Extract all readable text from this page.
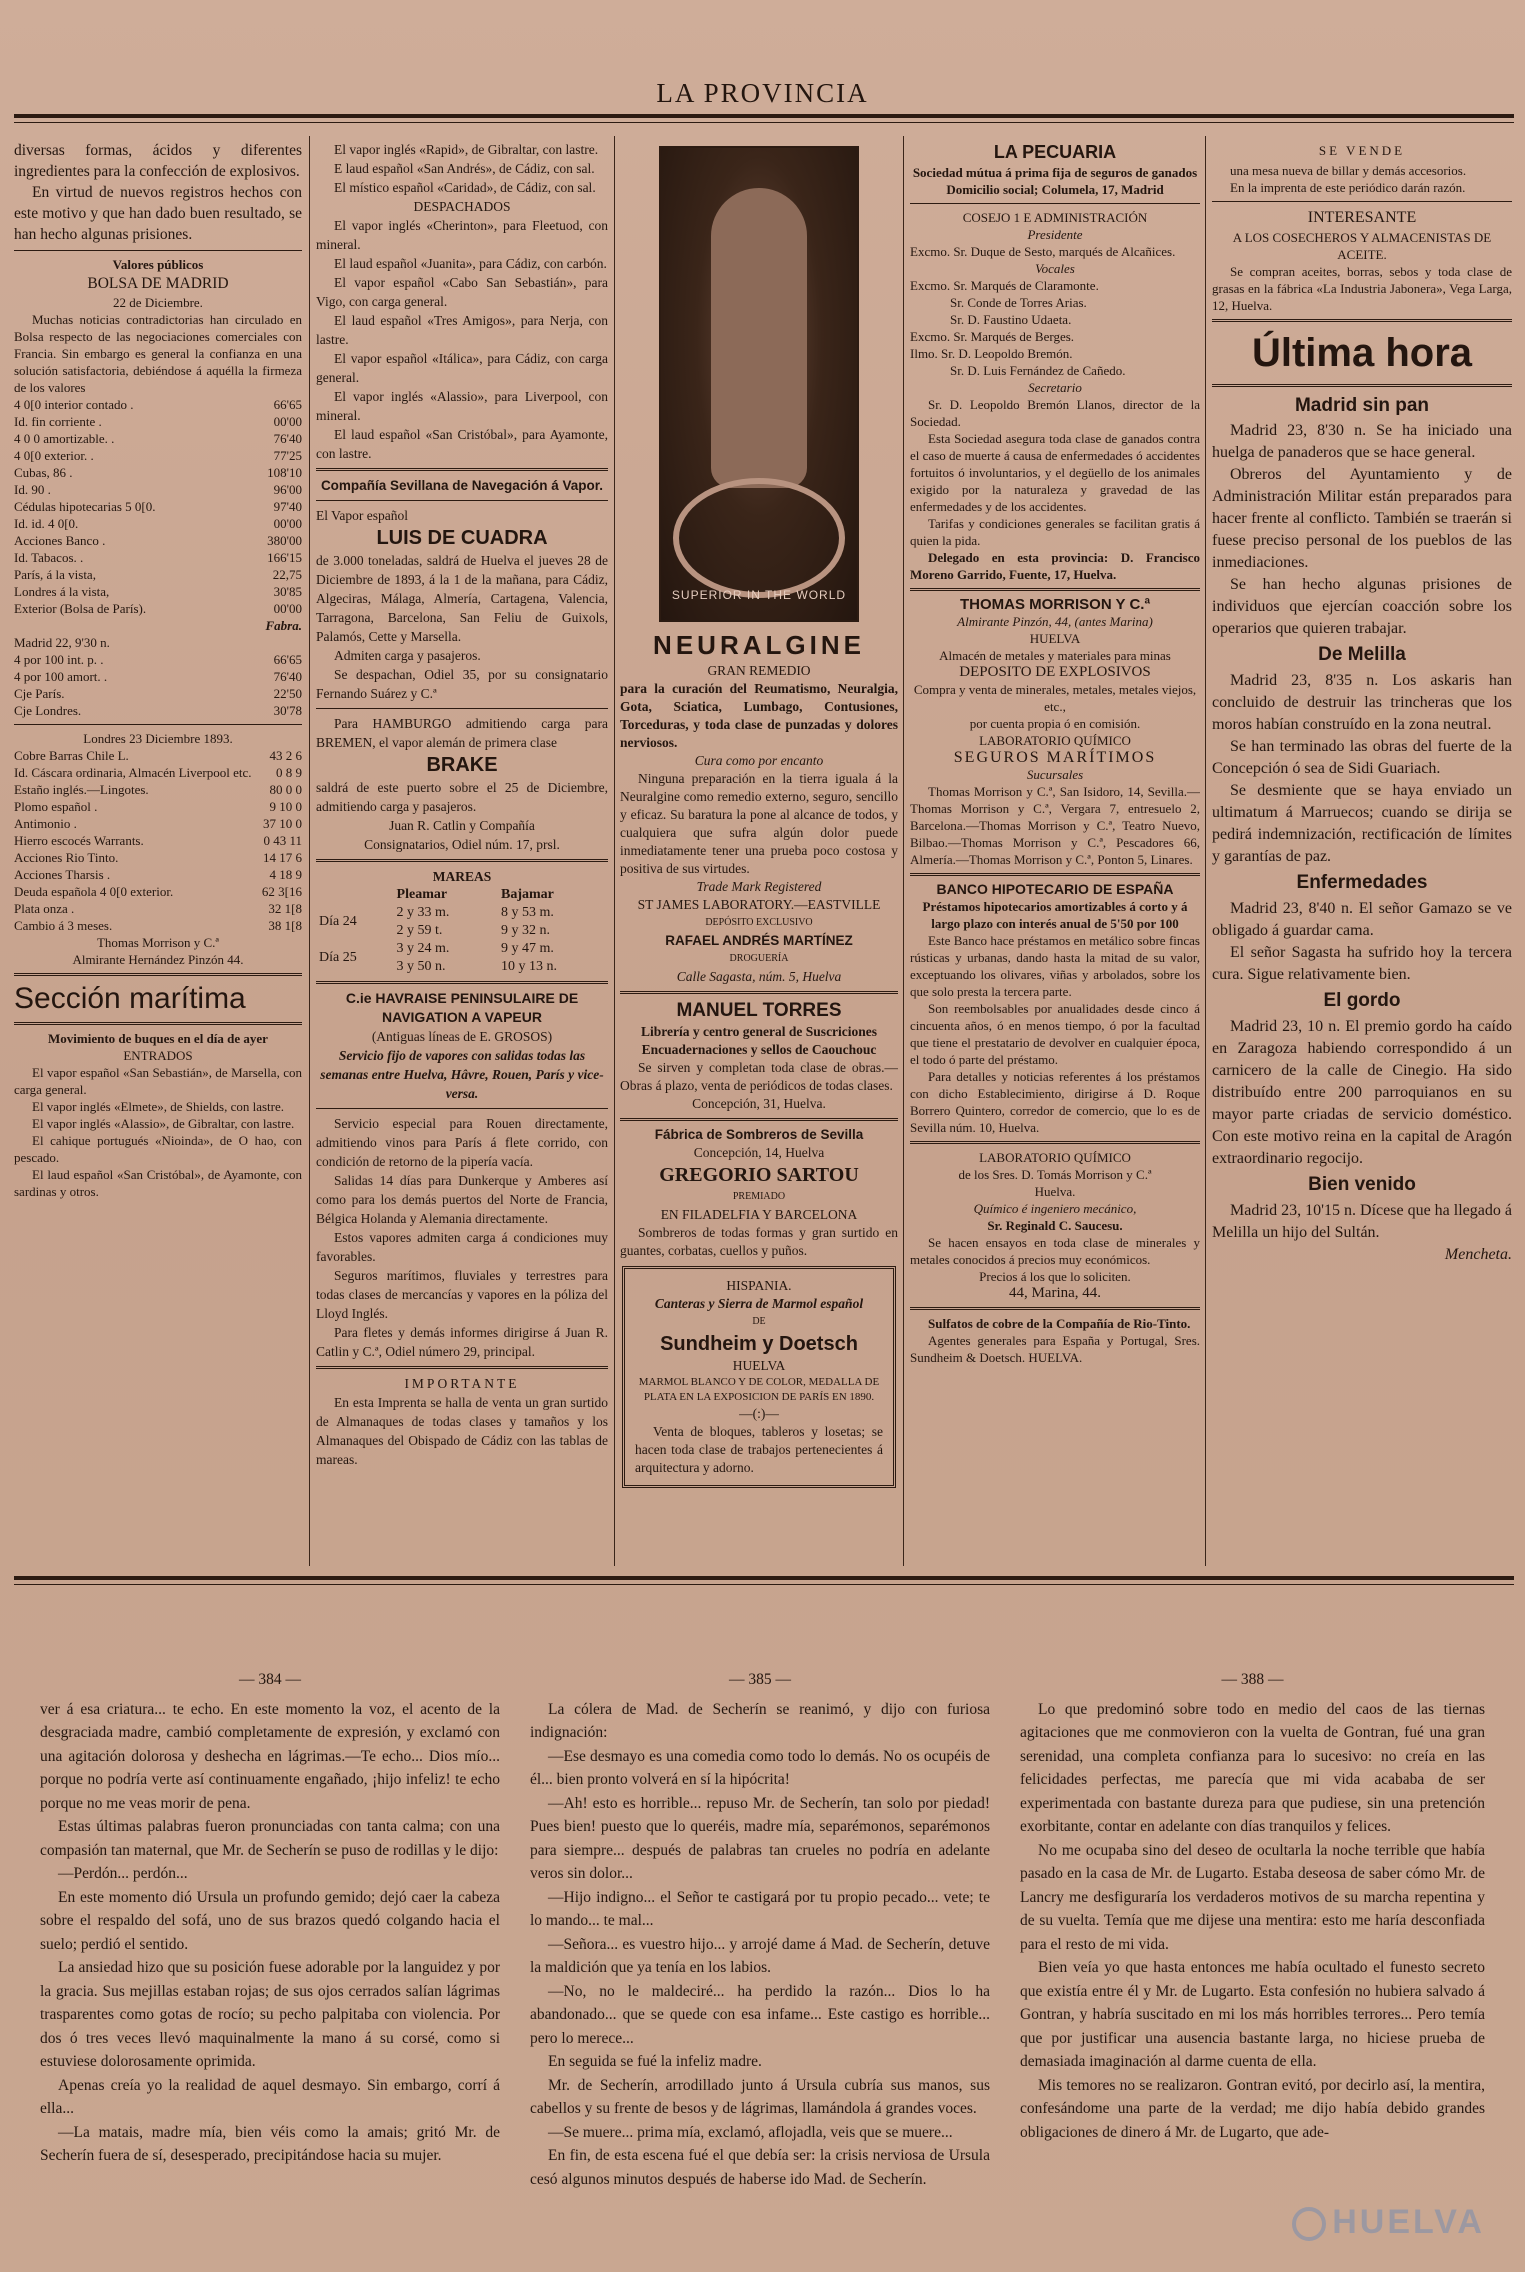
LA PROVINCIA

diversas formas, ácidos y diferentes ingredientes para la confección de explosivos.

En virtud de nuevos registros hechos con este motivo y que han dado buen resultado, se han hecho algunas prisiones.

Valores públicos

BOLSA DE MADRID

22 de Diciembre.

Muchas noticias contradictorias han circulado en Bolsa respecto de las negociaciones comerciales con Francia. Sin embargo es general la confianza en una solución satisfactoria, debiéndose á aquélla la firmeza de los valores

4 0[0 interior contado .	66'65
Id. fin corriente .	00'00
4 0 0 amortizable. .	76'40
4 0[0 exterior. .	77'25
Cubas, 86 .	108'10
Id. 90 .	96'00
Cédulas hipotecarias 5 0[0.	97'40
Id. id. 4 0[0.	00'00
Acciones Banco .	380'00
Id. Tabacos. .	166'15
París, á la vista,	22,75
Londres á la vista,	30'85
Exterior (Bolsa de París).	00'00

Fabra.

Madrid 22, 9'30 n.

4 por 100 int. p. .	66'65
4 por 100 amort. .	76'40
Cje París.	22'50
Cje Londres.	30'78

Londres 23 Diciembre 1893.

Cobre Barras Chile L.	43 2 6
Id. Cáscara ordinaria, Almacén Liverpool etc.	0 8 9
Estaño inglés.—Lingotes.	80 0 0
Plomo español .	9 10 0
Antimonio .	37 10 0
Hierro escocés Warrants.	0 43 11
Acciones Rio Tinto.	14 17 6
Acciones Tharsis .	4 18 9
Deuda española 4 0[0 exterior.	62 3[16
Plata onza .	32 1[8
Cambio á 3 meses.	38 1[8

Thomas Morrison y C.ª

Almirante Hernández Pinzón 44.

Sección marítima

Movimiento de buques en el día de ayer

ENTRADOS

El vapor español «San Sebastián», de Marsella, con carga general.

El vapor inglés «Elmete», de Shields, con lastre.

El vapor inglés «Alassio», de Gibraltar, con lastre.

El cahique portugués «Nioinda», de O hao, con pescado.

El laud español «San Cristóbal», de Ayamonte, con sardinas y otros.

El vapor inglés «Rapid», de Gibraltar, con lastre.

E laud español «San Andrés», de Cádiz, con sal.

El místico español «Caridad», de Cádiz, con sal.

DESPACHADOS

El vapor inglés «Cherinton», para Fleetuod, con mineral.

El laud español «Juanita», para Cádiz, con carbón.

El vapor español «Cabo San Sebastián», para Vigo, con carga general.

El laud español «Tres Amigos», para Nerja, con lastre.

El vapor español «Itálica», para Cádiz, con carga general.

El vapor inglés «Alassio», para Liverpool, con mineral.

El laud español «San Cristóbal», para Ayamonte, con lastre.

Compañía Sevillana de Navegación á Vapor.

El Vapor español

LUIS DE CUADRA

de 3.000 toneladas, saldrá de Huelva el jueves 28 de Diciembre de 1893, á la 1 de la mañana, para Cádiz, Algeciras, Málaga, Almería, Cartagena, Valencia, Tarragona, Barcelona, San Feliu de Guixols, Palamós, Cette y Marsella.

Admiten carga y pasajeros.

Se despachan, Odiel 35, por su consignatario Fernando Suárez y C.ª

Para HAMBURGO admitiendo carga para BREMEN, el vapor alemán de primera clase

BRAKE

saldrá de este puerto sobre el 25 de Diciembre, admitiendo carga y pasajeros.

Juan R. Catlin y Compañía

Consignatarios, Odiel núm. 17, prsl.

MAREAS

	Pleamar	Bajamar
Día 24	2 y 33 m.	8 y 53 m.
	2 y 59 t.	9 y 32 n.
Día 25	3 y 24 m.	9 y 47 m.
	3 y 50 n.	10 y 13 n.

C.ie HAVRAISE PENINSULAIRE DE NAVIGATION A VAPEUR

(Antiguas líneas de E. GROSOS)

Servicio fijo de vapores con salidas todas las semanas entre Huelva, Hâvre, Rouen, París y vice-versa.

Servicio especial para Rouen directamente, admitiendo vinos para París á flete corrido, con condición de retorno de la pipería vacía.

Salidas 14 días para Dunkerque y Amberes así como para los demás puertos del Norte de Francia, Bélgica Holanda y Alemania directamente.

Estos vapores admiten carga á condiciones muy favorables.

Seguros marítimos, fluviales y terrestres para todas clases de mercancías y vapores en la póliza del Lloyd Inglés.

Para fletes y demás informes dirigirse á Juan R. Catlin y C.ª, Odiel número 29, principal.

IMPORTANTE

En esta Imprenta se halla de venta un gran surtido de Almanaques de todas clases y tamaños y los Almanaques del Obispado de Cádiz con las tablas de mareas.

SUPERIOR IN THE WORLD

NEURALGINE

GRAN REMEDIO

para la curación del Reumatismo, Neuralgia, Gota, Sciatica, Lumbago, Contusiones, Torceduras, y toda clase de punzadas y dolores nerviosos.

Cura como por encanto

Ninguna preparación en la tierra iguala á la Neuralgine como remedio externo, seguro, sencillo y eficaz. Su baratura la pone al alcance de todos, y cualquiera que sufra algún dolor puede inmediatamente tener una prueba poco costosa y positiva de sus virtudes.

Trade Mark Registered

ST JAMES LABORATORY.—EASTVILLE

DEPÓSITO EXCLUSIVO

RAFAEL ANDRÉS MARTÍNEZ

DROGUERÍA

Calle Sagasta, núm. 5, Huelva

MANUEL TORRES

Librería y centro general de Suscriciones

Encuadernaciones y sellos de Caouchouc

Se sirven y completan toda clase de obras.—Obras á plazo, venta de periódicos de todas clases.

Concepción, 31, Huelva.

Fábrica de Sombreros de Sevilla

Concepción, 14, Huelva

GREGORIO SARTOU

PREMIADO

EN FILADELFIA Y BARCELONA

Sombreros de todas formas y gran surtido en guantes, corbatas, cuellos y puños.

HISPANIA.

Canteras y Sierra de Marmol español

DE

Sundheim y Doetsch

HUELVA

MARMOL BLANCO Y DE COLOR, MEDALLA DE PLATA EN LA EXPOSICION DE PARÍS EN 1890.

—(:)—

Venta de bloques, tableros y losetas; se hacen toda clase de trabajos pertenecientes á arquitectura y adorno.

LA PECUARIA

Sociedad mútua á prima fija de seguros de ganados

Domicilio social; Columela, 17, Madrid

COSEJO 1 E ADMINISTRACIÓN

Presidente

Excmo. Sr. Duque de Sesto, marqués de Alcañices.

Vocales

Excmo. Sr. Marqués de Claramonte.

Sr. Conde de Torres Arias.

Sr. D. Faustino Udaeta.

Excmo. Sr. Marqués de Berges.

Ilmo. Sr. D. Leopoldo Bremón.

Sr. D. Luis Fernández de Cañedo.

Secretario

Sr. D. Leopoldo Bremón Llanos, director de la Sociedad.

Esta Sociedad asegura toda clase de ganados contra el caso de muerte á causa de enfermedades ó accidentes fortuitos ó involuntarios, y el degüello de los animales exigido por la naturaleza y gravedad de las enfermedades y de los accidentes.

Tarifas y condiciones generales se facilitan gratis á quien la pida.

Delegado en esta provincia: D. Francisco Moreno Garrido, Fuente, 17, Huelva.

THOMAS MORRISON Y C.ª

Almirante Pinzón, 44, (antes Marina)

HUELVA

Almacén de metales y materiales para minas

DEPOSITO DE EXPLOSIVOS

Compra y venta de minerales, metales, metales viejos, etc.,

por cuenta propia ó en comisión.

LABORATORIO QUÍMICO

SEGUROS MARÍTIMOS

Sucursales

Thomas Morrison y C.ª, San Isidoro, 14, Sevilla.—Thomas Morrison y C.ª, Vergara 7, entresuelo 2, Barcelona.—Thomas Morrison y C.ª, Teatro Nuevo, Bilbao.—Thomas Morrison y C.ª, Pescadores 66, Almería.—Thomas Morrison y C.ª, Ponton 5, Linares.

BANCO HIPOTECARIO DE ESPAÑA

Préstamos hipotecarios amortizables á corto y á largo plazo con interés anual de 5'50 por 100

Este Banco hace préstamos en metálico sobre fincas rústicas y urbanas, dando hasta la mitad de su valor, exceptuando los olivares, viñas y arbolados, sobre los que solo presta la tercera parte.

Son reembolsables por anualidades desde cinco á cincuenta años, ó en menos tiempo, ó por la facultad que tiene el prestatario de devolver en cualquier época, el todo ó parte del préstamo.

Para detalles y noticias referentes á los préstamos con dicho Establecimiento, dirigirse á D. Roque Borrero Quintero, corredor de comercio, que lo es de Sevilla núm. 10, Huelva.

LABORATORIO QUÍMICO

de los Sres. D. Tomás Morrison y C.ª

Huelva.

Químico é ingeniero mecánico,

Sr. Reginald C. Saucesu.

Se hacen ensayos en toda clase de minerales y metales conocidos á precios muy económicos.

Precios á los que lo soliciten.

44, Marina, 44.

Sulfatos de cobre de la Compañía de Rio-Tinto.

Agentes generales para España y Portugal, Sres. Sundheim & Doetsch. HUELVA.

SE VENDE

una mesa nueva de billar y demás accesorios.

En la imprenta de este periódico darán razón.

INTERESANTE

A LOS COSECHEROS Y ALMACENISTAS DE ACEITE.

Se compran aceites, borras, sebos y toda clase de grasas en la fábrica «La Industria Jabonera», Vega Larga, 12, Huelva.

Última hora

Madrid sin pan

Madrid 23, 8'30 n. Se ha iniciado una huelga de panaderos que se hace general.

Obreros del Ayuntamiento y de Administración Militar están preparados para hacer frente al conflicto. También se traerán si fuese preciso personal de los pueblos de las inmediaciones.

Se han hecho algunas prisiones de individuos que ejercían coacción sobre los operarios que quieren trabajar.

De Melilla

Madrid 23, 8'35 n. Los askaris han concluido de destruir las trincheras que los moros habían construído en la zona neutral.

Se han terminado las obras del fuerte de la Concepción ó sea de Sidi Guariach.

Se desmiente que se haya enviado un ultimatum á Marruecos; cuando se dirija se pedirá indemnización, rectificación de límites y garantías de paz.

Enfermedades

Madrid 23, 8'40 n. El señor Gamazo se ve obligado á guardar cama.

El señor Sagasta ha sufrido hoy la tercera cura. Sigue relativamente bien.

El gordo

Madrid 23, 10 n. El premio gordo ha caído en Zaragoza habiendo correspondido á un carnicero de la calle de Cinegio. Ha sido distribuído entre 200 parroquianos en su mayor parte criadas de servicio doméstico. Con este motivo reina en la capital de Aragón extraordinario regocijo.

Bien venido

Madrid 23, 10'15 n. Dícese que ha llegado á Melilla un hijo del Sultán.

Mencheta.

— 384 —

ver á esa criatura... te echo. En este momento la voz, el acento de la desgraciada madre, cambió completamente de expresión, y exclamó con una agitación dolorosa y deshecha en lágrimas.—Te echo... Dios mío... porque no podría verte así continuamente engañado, ¡hijo infeliz! te echo porque no me veas morir de pena.

Estas últimas palabras fueron pronunciadas con tanta calma; con una compasión tan maternal, que Mr. de Secherín se puso de rodillas y le dijo:

—Perdón... perdón...

En este momento dió Ursula un profundo gemido; dejó caer la cabeza sobre el respaldo del sofá, uno de sus brazos quedó colgando hacia el suelo; perdió el sentido.

La ansiedad hizo que su posición fuese adorable por la languidez y por la gracia. Sus mejillas estaban rojas; de sus ojos cerrados salían lágrimas trasparentes como gotas de rocío; su pecho palpitaba con violencia. Por dos ó tres veces llevó maquinalmente la mano á su corsé, como si estuviese dolorosamente oprimida.

Apenas creía yo la realidad de aquel desmayo. Sin embargo, corrí á ella...

—La matais, madre mía, bien véis como la amais; gritó Mr. de Secherín fuera de sí, desesperado, precipitándose hacia su mujer.

— 385 —

La cólera de Mad. de Secherín se reanimó, y dijo con furiosa indignación:

—Ese desmayo es una comedia como todo lo demás. No os ocupéis de él... bien pronto volverá en sí la hipócrita!

—Ah! esto es horrible... repuso Mr. de Secherín, tan solo por piedad! Pues bien! puesto que lo queréis, madre mía, separémonos, separémonos para siempre... después de palabras tan crueles no podría en adelante veros sin dolor...

—Hijo indigno... el Señor te castigará por tu propio pecado... vete; te lo mando... te mal...

—Señora... es vuestro hijo... y arrojé dame á Mad. de Secherín, detuve la maldición que ya tenía en los labios.

—No, no le maldeciré... ha perdido la razón... Dios lo ha abandonado... que se quede con esa infame... Este castigo es horrible... pero lo merece...

En seguida se fué la infeliz madre.

Mr. de Secherín, arrodillado junto á Ursula cubría sus manos, sus cabellos y su frente de besos y de lágrimas, llamándola á grandes voces.

—Se muere... prima mía, exclamó, aflojadla, veis que se muere...

En fin, de esta escena fué el que debía ser: la crisis nerviosa de Ursula cesó algunos minutos después de haberse ido Mad. de Secherín.

— 388 —

Lo que predominó sobre todo en medio del caos de las tiernas agitaciones que me conmovieron con la vuelta de Gontran, fué una gran serenidad, una completa confianza para lo sucesivo: no creía en las felicidades perfectas, me parecía que mi vida acababa de ser experimentada con bastante dureza para que pudiese, sin una pretención exorbitante, contar en adelante con días tranquilos y felices.

No me ocupaba sino del deseo de ocultarla la noche terrible que había pasado en la casa de Mr. de Lugarto. Estaba deseosa de saber cómo Mr. de Lancry me desfiguraría los verdaderos motivos de su marcha repentina y de su vuelta. Temía que me dijese una mentira: esto me haría desconfiada para el resto de mi vida.

Bien veía yo que hasta entonces me había ocultado el funesto secreto que existía entre él y Mr. de Lugarto. Esta confesión no hubiera salvado á Gontran, y habría suscitado en mi los más horribles terrores... Pero temía que por justificar una ausencia bastante larga, no hiciese prueba de demasiada imaginación al darme cuenta de ella.

Mis temores no se realizaron. Gontran evitó, por decirlo así, la mentira, confesándome una parte de la verdad; me dijo había debido grandes obligaciones de dinero á Mr. de Lugarto, que ade-

HUELVA
